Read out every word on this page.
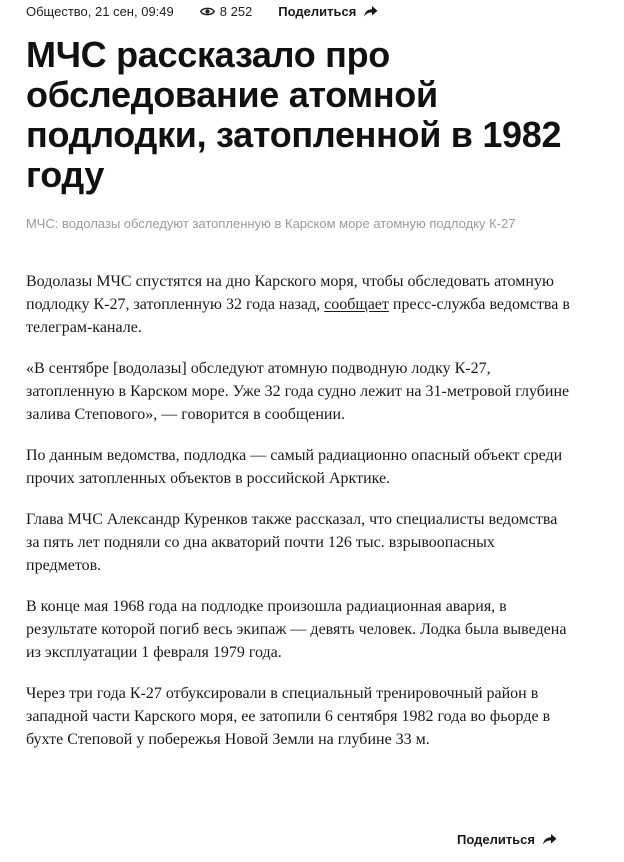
Общество, 21 сен, 09:49	8 252 Поделиться
МЧС рассказало про обследование атомной подлодки, затопленной в 1982 году

МЧС: водолазы обследуют затопленную в Карском море атомную подлодку К-27

Водолазы МЧС спустятся на дно Карского моря, чтобы обследовать атомную подлодку К-27, затопленную 32 года назад, сообщает пресс-служба ведомства в телеграм-канале.

«В сентябре [водолазы] обследуют атомную подводную лодку К-27, затопленную в Карском море. Уже 32 года судно лежит на 31-метровой глубине залива Степового», — говорится в сообщении.

По данным ведомства, подлодка — самый радиационно опасный объект среди прочих затопленных объектов в российской Арктике.

Глава МЧС Александр Куренков также рассказал, что специалисты ведомства за пять лет подняли со дна акваторий почти 126 тыс. взрывоопасных предметов.

В конце мая 1968 года на подлодке произошла радиационная авария, в результате которой погиб весь экипаж — девять человек. Лодка была выведена из эксплуатации 1 февраля 1979 года.

Через три года К-27 отбуксировали в специальный тренировочный район в западной части Карского моря, ее затопили 6 сентября 1982 года во фьорде в бухте Степовой у побережья Новой Земли на глубине 33 м.

Поделиться
